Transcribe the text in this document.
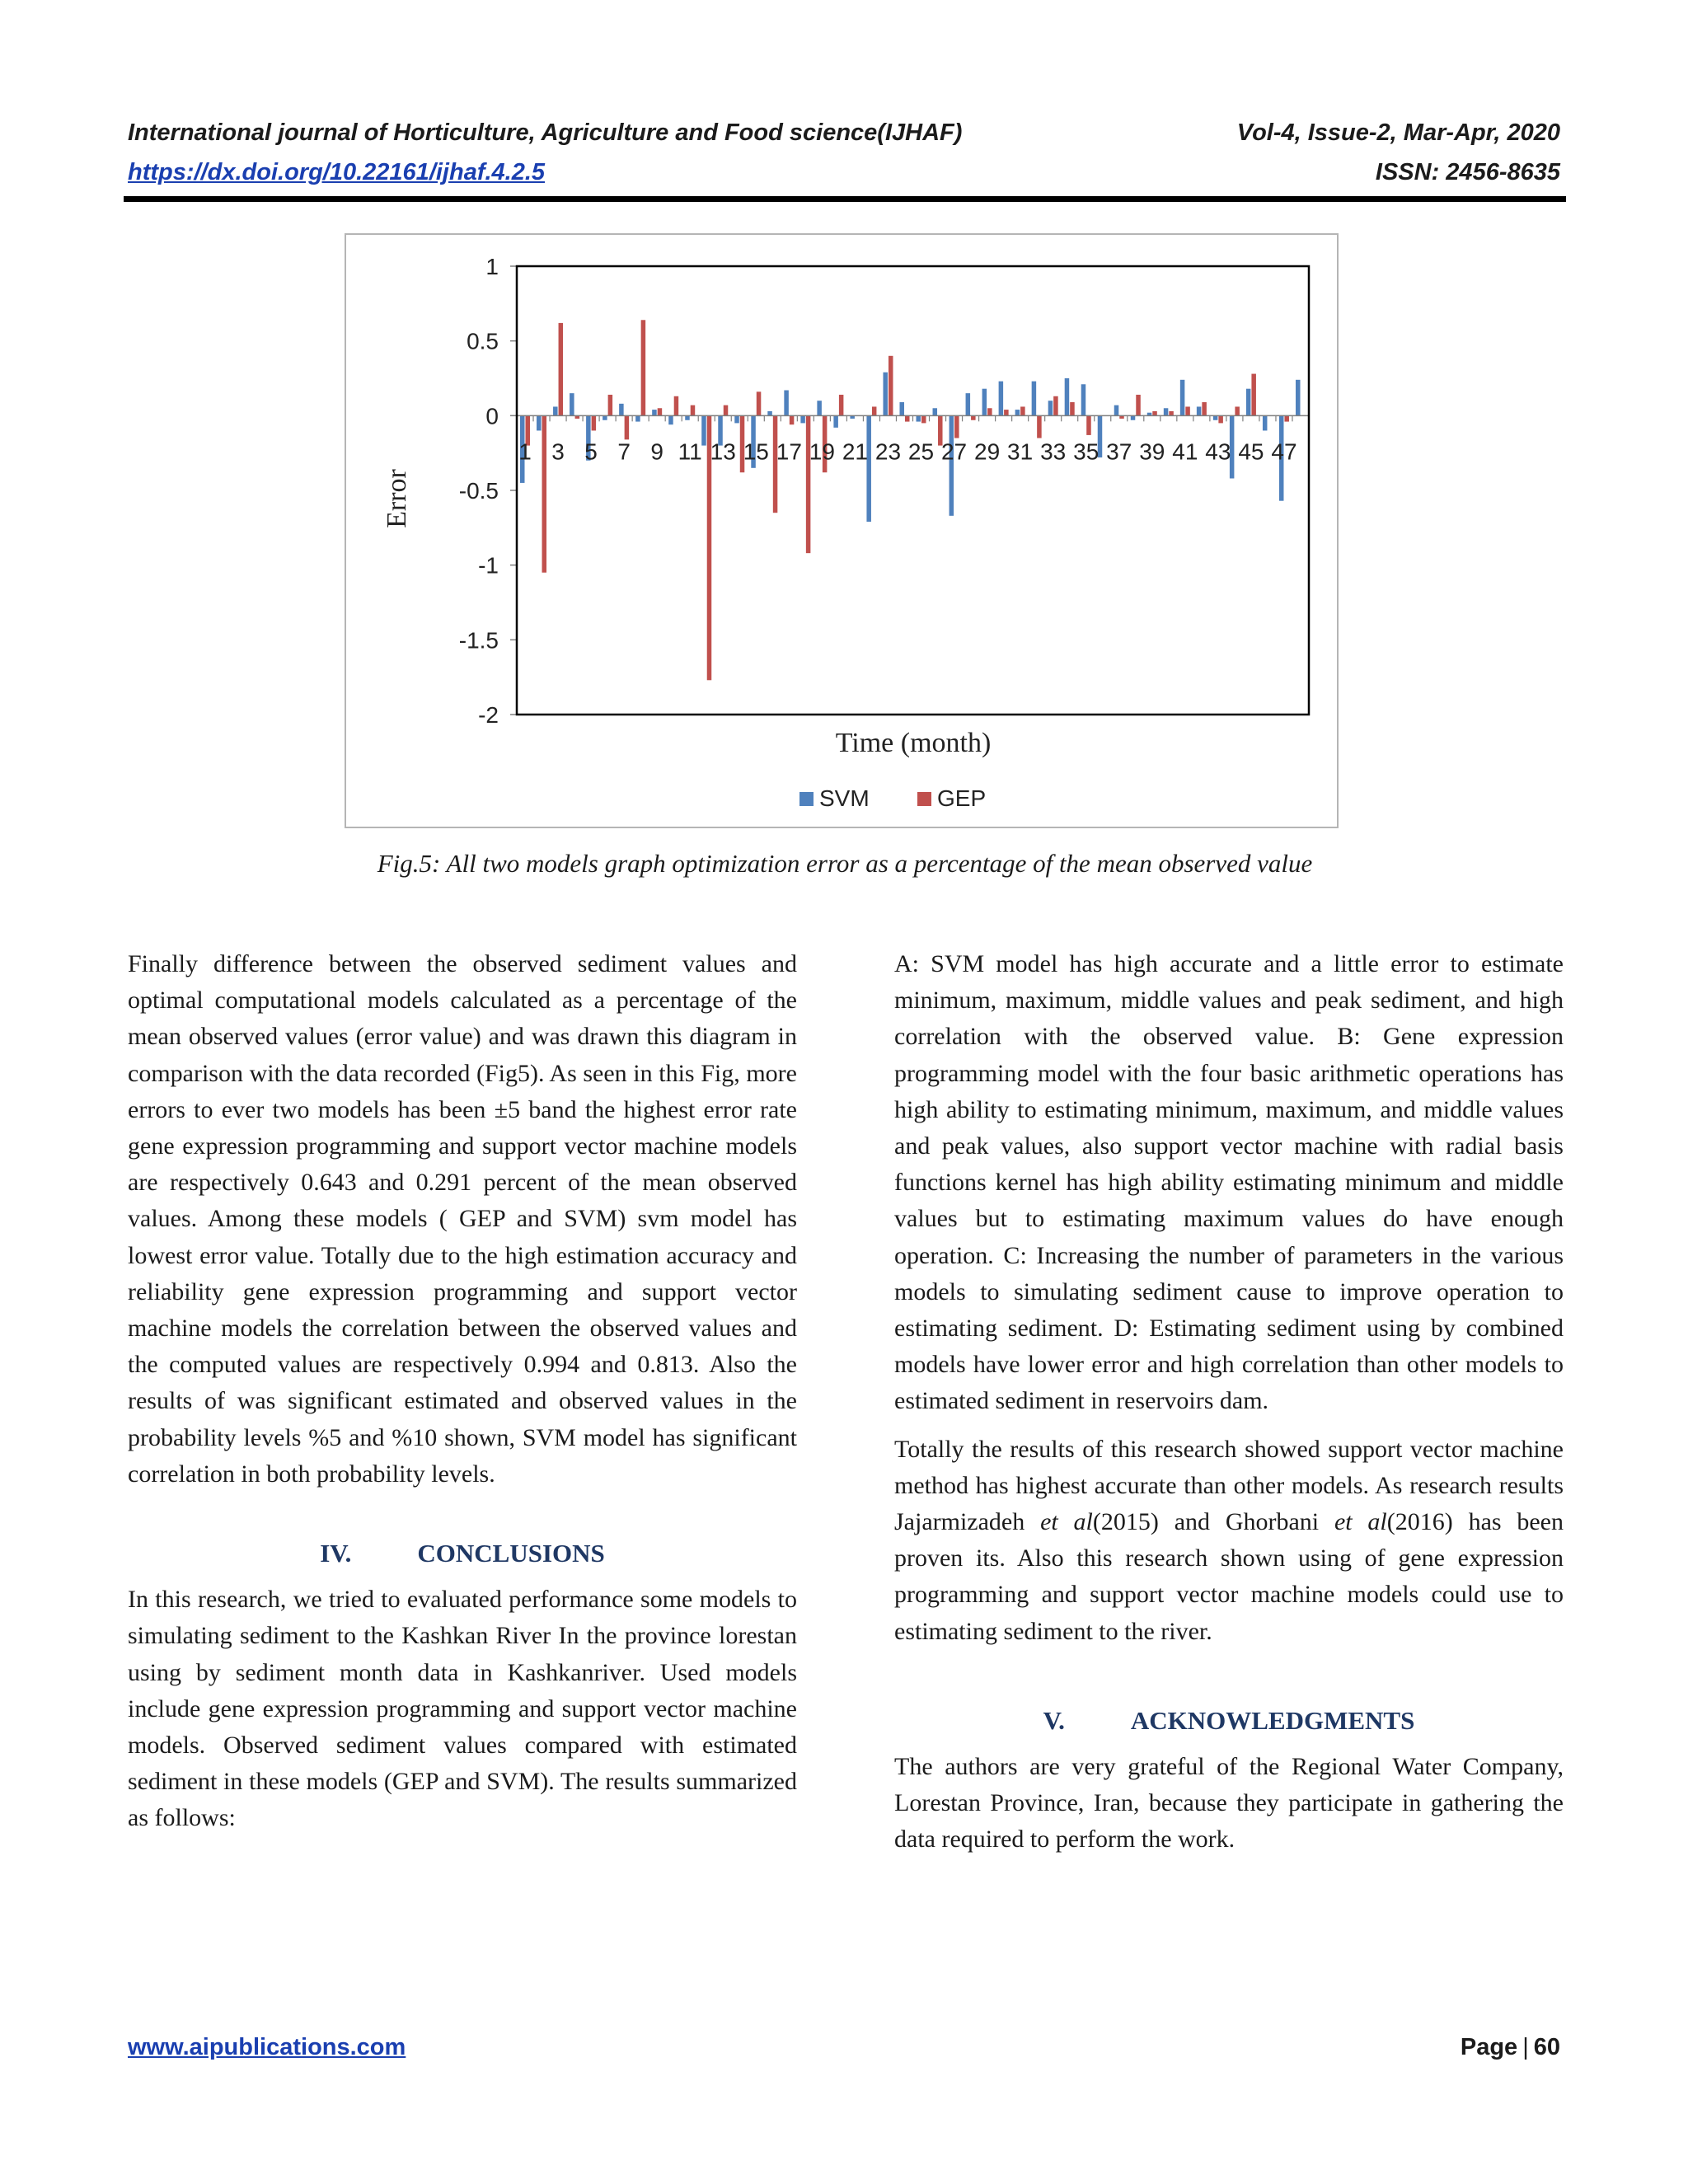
International journal of Horticulture, Agriculture and Food science(IJHAF)	Vol-4, Issue-2, Mar-Apr, 2020
https://dx.doi.org/10.22161/ijhaf.4.2.5	ISSN: 2456-8635
1
0.5
0
-0.5
-1
-1.5
-2
1 3 5 7 9 11 13 15 17 19 21 23 25 27 29 31 33 35 37 39 41 43 45 47
Time (month)
Error
SVM	GEP
Fig.5: All two models graph optimization error as a percentage of the mean observed value

Finally difference between the observed sediment values and optimal computational models calculated as a percentage of the mean observed values (error value) and was drawn this diagram in comparison with the data recorded (Fig5). As seen in this Fig, more errors to ever two models has been ±5 band the highest error rate gene expression programming and support vector machine models are respectively 0.643 and 0.291 percent of the mean observed values. Among these models ( GEP and SVM) svm model has lowest error value. Totally due to the high estimation accuracy and reliability gene expression programming and support vector machine models the correlation between the observed values and the computed values are respectively 0.994 and 0.813. Also the results of was significant estimated and observed values in the probability levels %5 and %10 shown, SVM model has significant correlation in both probability levels.

IV.	CONCLUSIONS

In this research, we tried to evaluated performance some models to simulating sediment to the Kashkan River In the province lorestan using by sediment month data in Kashkanriver. Used models include gene expression programming and support vector machine models. Observed sediment values compared with estimated sediment in these models (GEP and SVM). The results summarized as follows:

A: SVM model has high accurate and a little error to estimate minimum, maximum, middle values and peak sediment, and high correlation with the observed value. B: Gene expression programming model with the four basic arithmetic operations has high ability to estimating minimum, maximum, and middle values and peak values, also support vector machine with radial basis functions kernel has high ability estimating minimum and middle values but to estimating maximum values do have enough operation. C: Increasing the number of parameters in the various models to simulating sediment cause to improve operation to estimating sediment. D: Estimating sediment using by combined models have lower error and high correlation than other models to estimated sediment in reservoirs dam.

Totally the results of this research showed support vector machine method has highest accurate than other models. As research results Jajarmizadeh et al(2015) and Ghorbani et al(2016) has been proven its. Also this research shown using of gene expression programming and support vector machine models could use to estimating sediment to the river.

V.	ACKNOWLEDGMENTS

The authors are very grateful of the Regional Water Company, Lorestan Province, Iran, because they participate in gathering the data required to perform the work.

www.aipublications.com	Page | 60
